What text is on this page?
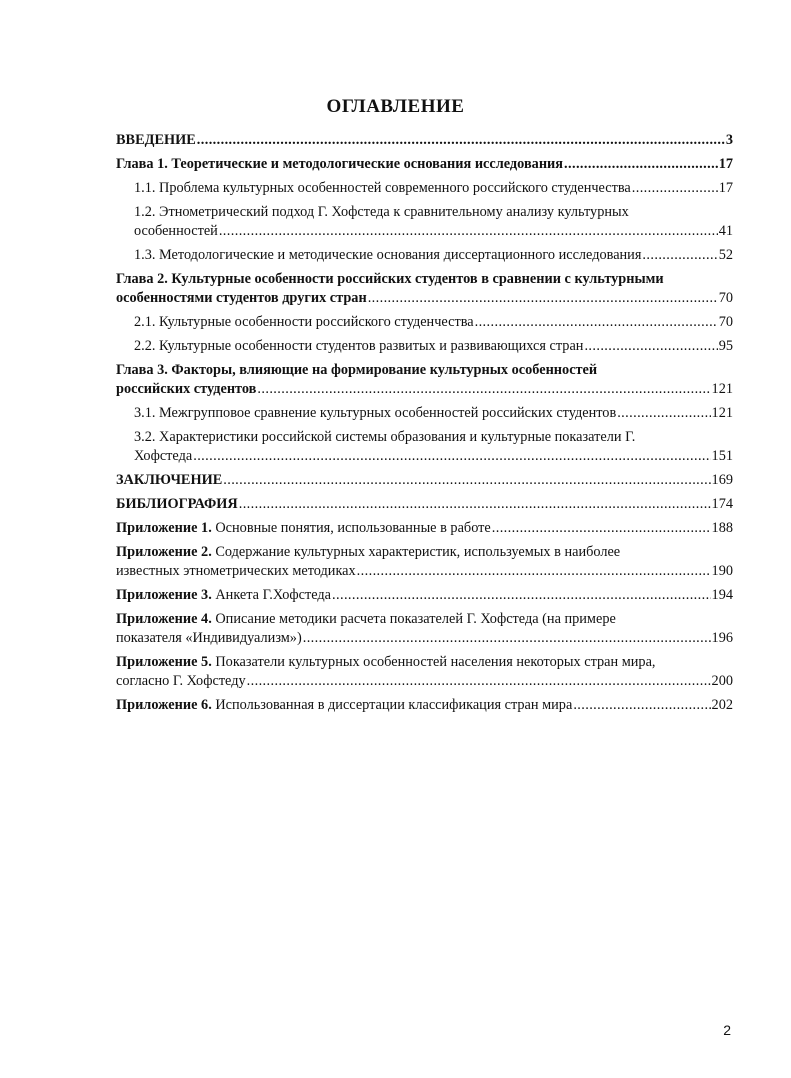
ОГЛАВЛЕНИЕ
ВВЕДЕНИЕ .....	3
Глава 1. Теоретические и методологические основания исследования .....	17
1.1. Проблема культурных особенностей современного российского студенчества .....	17
1.2. Этнометрический подход Г. Хофстеда к сравнительному анализу культурных
особенностей .....	41
1.3. Методологические и методические основания диссертационного исследования .....	52
Глава 2. Культурные особенности российских студентов в сравнении с культурными
особенностями студентов других стран .....	70
2.1. Культурные особенности российского студенчества .....	70
2.2. Культурные особенности студентов развитых и развивающихся стран .....	95
Глава 3. Факторы, влияющие на формирование культурных особенностей
российских студентов .....	121
3.1. Межгрупповое сравнение культурных особенностей российских студентов .....	121
3.2. Характеристики российской системы образования и культурные показатели Г.
Хофстеда .....	151
ЗАКЛЮЧЕНИЕ .....	169
БИБЛИОГРАФИЯ .....	174
Приложение 1. Основные понятия, использованные в работе .....	188
Приложение 2. Содержание культурных характеристик, используемых в наиболее
известных этнометрических методиках .....	190
Приложение 3. Анкета Г.Хофстеда .....	194
Приложение 4. Описание методики расчета показателей Г. Хофстеда (на примере
показателя «Индивидуализм») .....	196
Приложение 5. Показатели культурных особенностей населения некоторых стран мира,
согласно Г. Хофстеду .....	200
Приложение 6. Использованная в диссертации классификация стран мира .....	202
2
